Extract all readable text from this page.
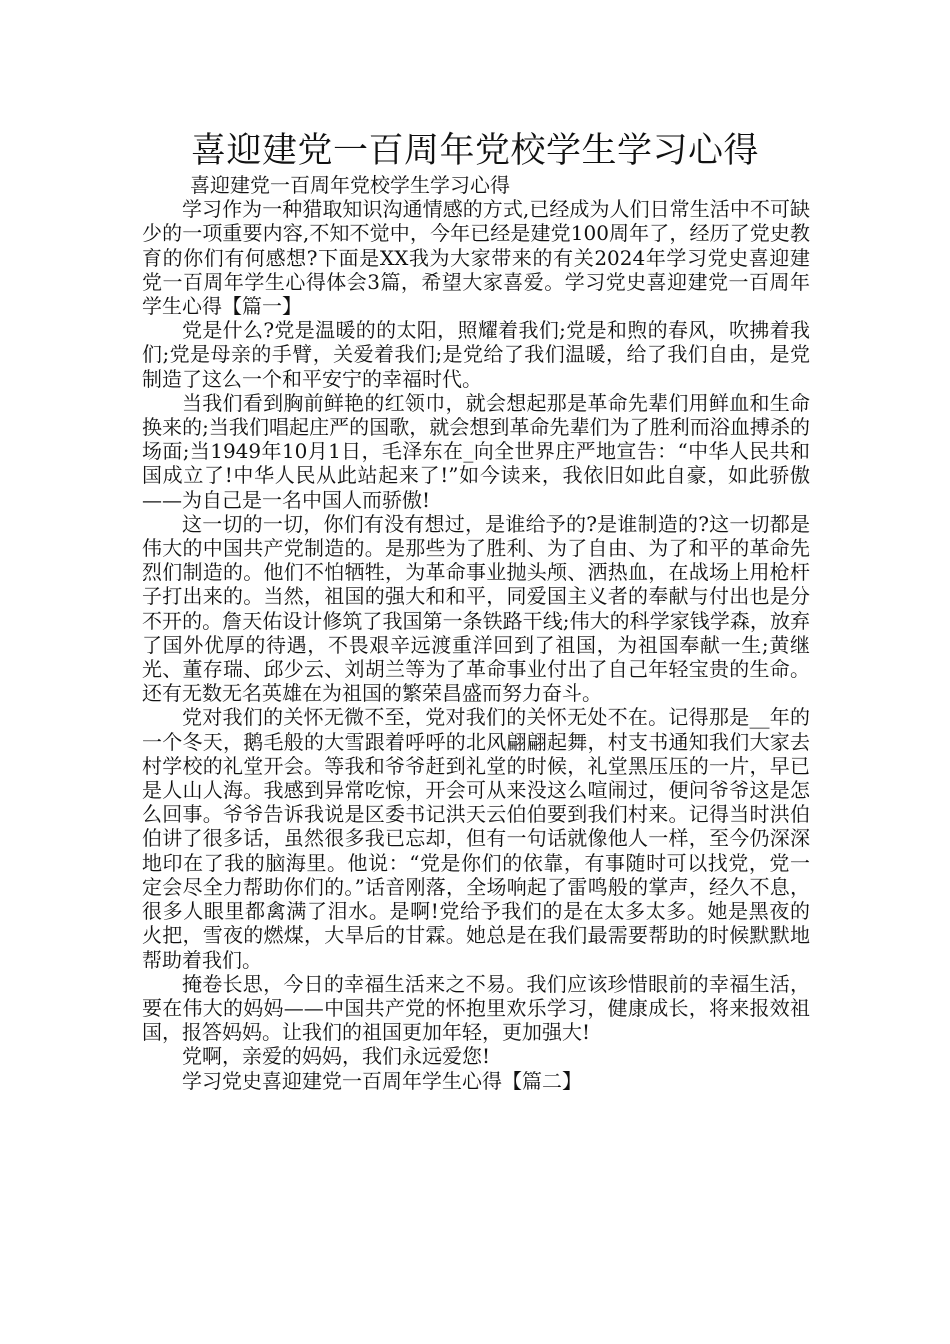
喜迎建党一百周年党校学生学习心得

喜迎建党一百周年党校学生学习心得

学习作为一种猎取知识沟通情感的方式,已经成为人们日常生活中不可缺少的一项重要内容,不知不觉中，今年已经是建党100周年了，经历了党史教育的你们有何感想?下面是XX我为大家带来的有关2024年学习党史喜迎建党一百周年学生心得体会3篇，希望大家喜爱。学习党史喜迎建党一百周年学生心得【篇一】

党是什么?党是温暖的的太阳，照耀着我们;党是和煦的春风，吹拂着我们;党是母亲的手臂，关爱着我们;是党给了我们温暖，给了我们自由，是党制造了这么一个和平安宁的幸福时代。

当我们看到胸前鲜艳的红领巾，就会想起那是革命先辈们用鲜血和生命换来的;当我们唱起庄严的国歌，就会想到革命先辈们为了胜利而浴血搏杀的场面;当1949年10月1日，毛泽东在_向全世界庄严地宣告：“中华人民共和国成立了!中华人民从此站起来了!”如今读来，我依旧如此自豪，如此骄傲——为自己是一名中国人而骄傲!

这一切的一切，你们有没有想过，是谁给予的?是谁制造的?这一切都是伟大的中国共产党制造的。是那些为了胜利、为了自由、为了和平的革命先烈们制造的。他们不怕牺牲，为革命事业抛头颅、洒热血，在战场上用枪杆子打出来的。当然，祖国的强大和和平，同爱国主义者的奉献与付出也是分不开的。詹天佑设计修筑了我国第一条铁路干线;伟大的科学家钱学森，放弃了国外优厚的待遇，不畏艰辛远渡重洋回到了祖国，为祖国奉献一生;黄继光、董存瑞、邱少云、刘胡兰等为了革命事业付出了自己年轻宝贵的生命。还有无数无名英雄在为祖国的繁荣昌盛而努力奋斗。

党对我们的关怀无微不至，党对我们的关怀无处不在。记得那是__年的一个冬天，鹅毛般的大雪跟着呼呼的北风翩翩起舞，村支书通知我们大家去村学校的礼堂开会。等我和爷爷赶到礼堂的时候，礼堂黑压压的一片，早已是人山人海。我感到异常吃惊，开会可从来没这么喧闹过，便问爷爷这是怎么回事。爷爷告诉我说是区委书记洪天云伯伯要到我们村来。记得当时洪伯伯讲了很多话，虽然很多我已忘却，但有一句话就像他人一样，至今仍深深地印在了我的脑海里。他说：“党是你们的依靠，有事随时可以找党，党一定会尽全力帮助你们的。”话音刚落，全场响起了雷鸣般的掌声，经久不息，很多人眼里都禽满了泪水。是啊!党给予我们的是在太多太多。她是黑夜的火把，雪夜的燃煤，大旱后的甘霖。她总是在我们最需要帮助的时候默默地帮助着我们。

掩卷长思，今日的幸福生活来之不易。我们应该珍惜眼前的幸福生活，要在伟大的妈妈——中国共产党的怀抱里欢乐学习，健康成长，将来报效祖国，报答妈妈。让我们的祖国更加年轻，更加强大!

党啊，亲爱的妈妈，我们永远爱您!

学习党史喜迎建党一百周年学生心得【篇二】
